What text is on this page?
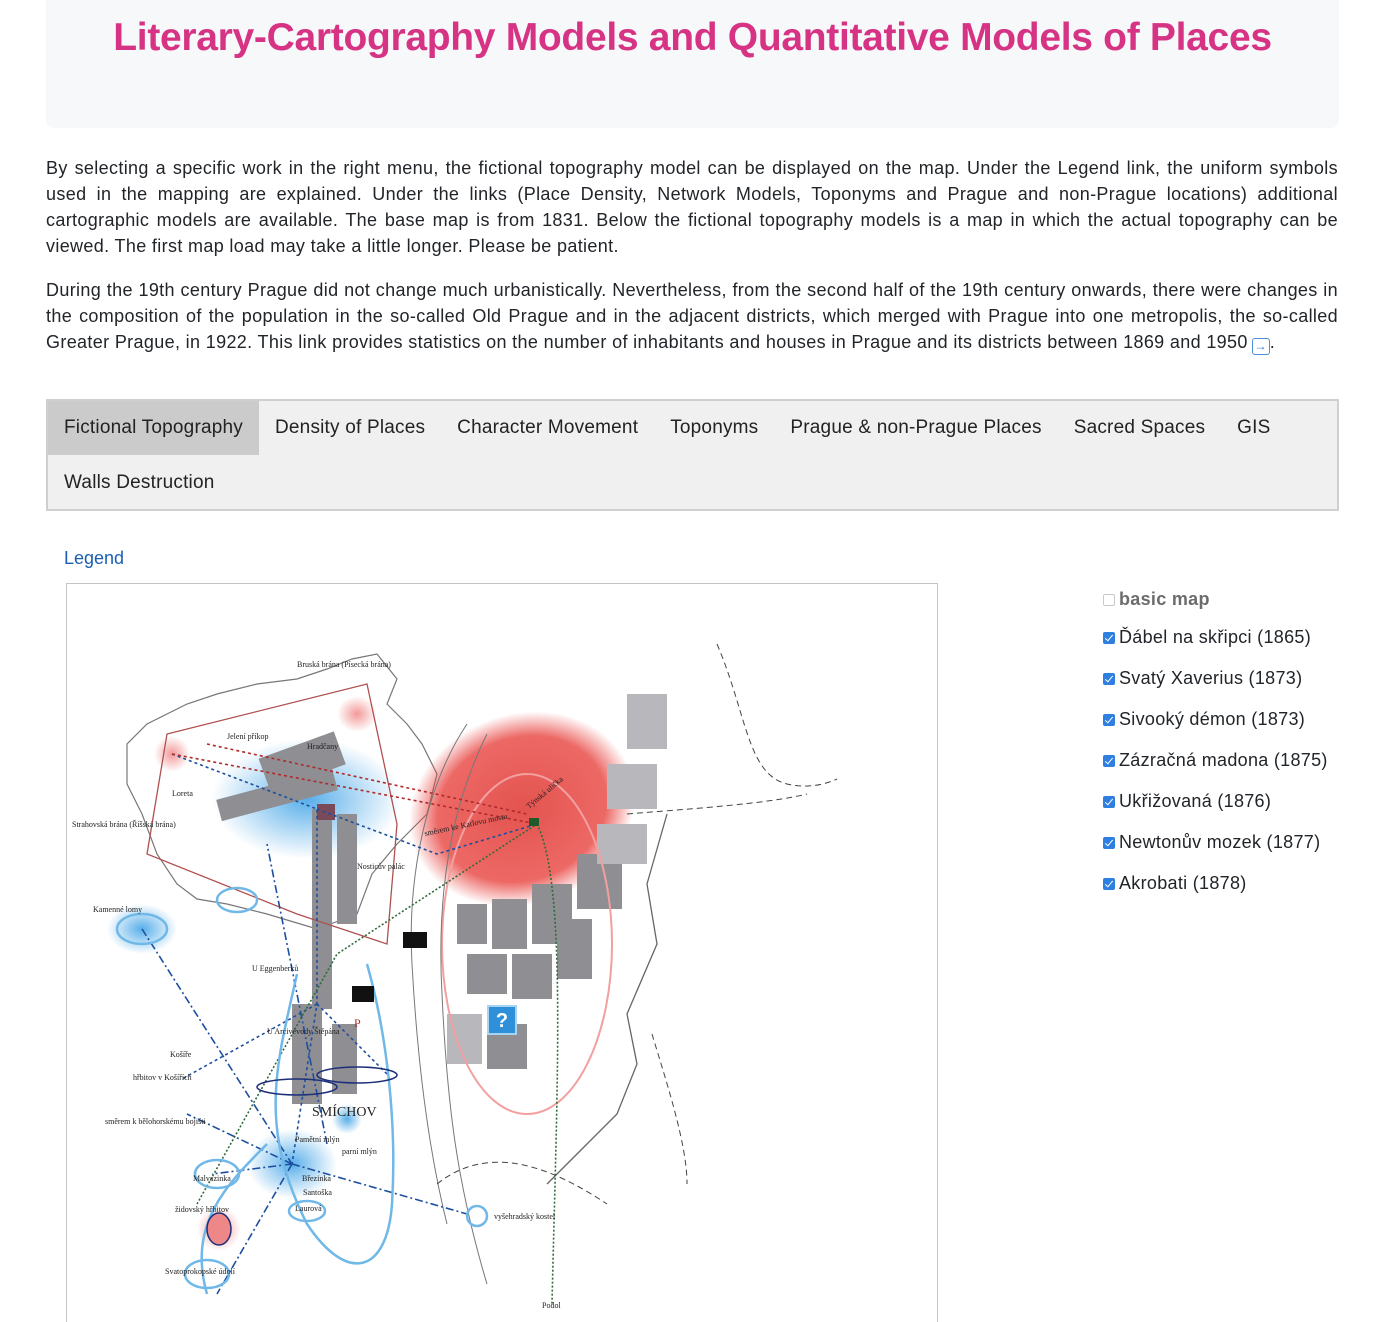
Literary-Cartography Models and Quantitative Models of Places

By selecting a specific work in the right menu, the fictional topography model can be displayed on the map. Under the Legend link, the uniform symbols used in the mapping are explained. Under the links (Place Density, Network Models, Toponyms and Prague and non-Prague locations) additional cartographic models are available. The base map is from 1831. Below the fictional topography models is a map in which the actual topography can be viewed. The first map load may take a little longer. Please be patient.

During the 19th century Prague did not change much urbanistically. Nevertheless, from the second half of the 19th century onwards, there were changes in the composition of the population in the so-called Old Prague and in the adjacent districts, which merged with Prague into one metropolis, the so-called Greater Prague, in 1922. This link provides statistics on the number of inhabitants and houses in Prague and its districts between 1869 and 1950 → .

Fictional Topography	Density of Places	Character Movement	Toponyms	Prague & non-Prague Places	Sacred Spaces	GIS
Walls Destruction
Legend
?
P
Bruská brána (Písecká brána)
Strahovská brána (Říšská brána)
Loreta
Hradčany
Jelení příkop
Nosticův palác
Kamenné lomy
U Eggenberků
U Arcivévody Štěpána
Košíře
hřbitov v Košířích
směrem k bělohorskému bojišti
SMÍCHOV
Pamětní mlýn
parní mlýn
Malvazinka	Březinka
Santoška
Laurová
židovský hřbitov
Svatoprokopské údolí
vyšehradský kostel
Podol
Týnská ulička
směrem ke Karlovu mostu
basic map
Ďábel na skřipci (1865)
Svatý Xaverius (1873)
Sivooký démon (1873)
Zázračná madona (1875)
Ukřižovaná (1876)
Newtonův mozek (1877)
Akrobati (1878)
